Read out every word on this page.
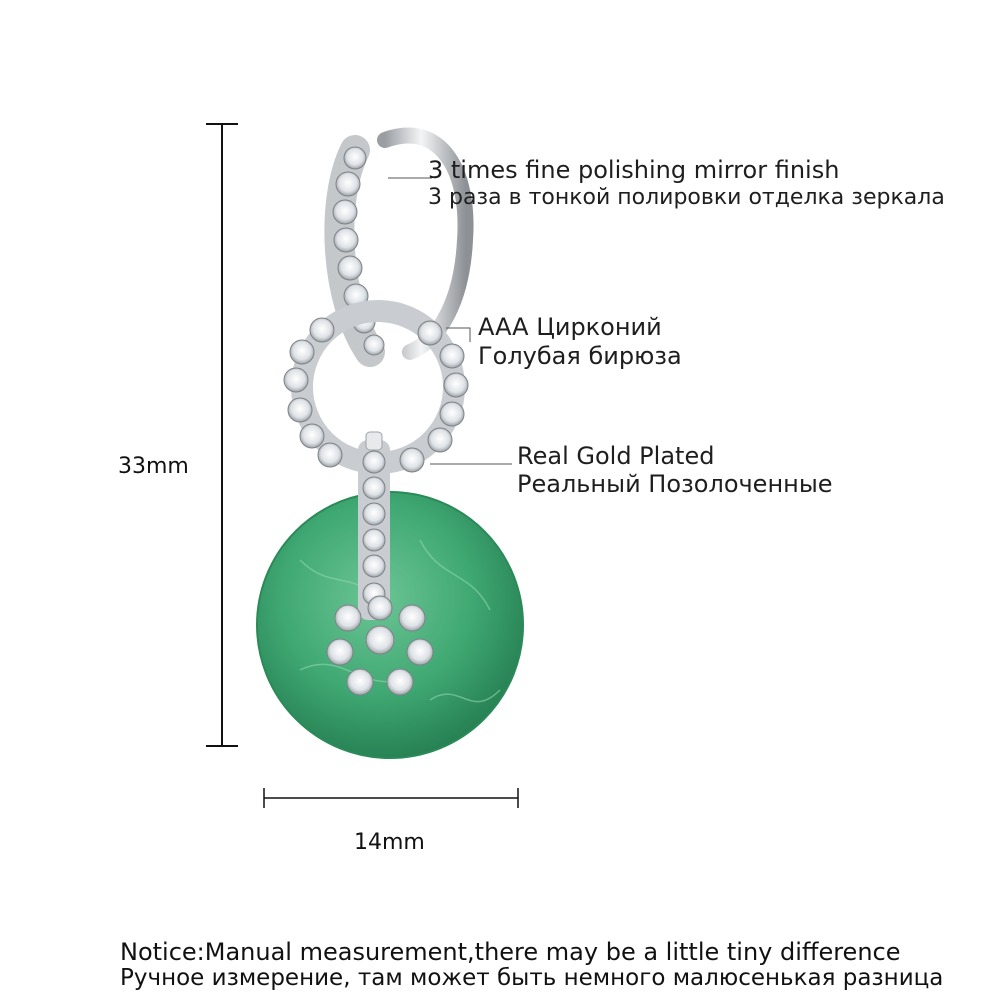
33mm
14mm
3 times fine polishing mirror finish
3 раза в тонкой полировки отделка зеркала
AAA Цирконий
Голубая бирюза
Real Gold Plated
Реальный Позолоченные
Notice:Manual measurement,there may be a little tiny difference
Ручное измерение, там может быть немного малюсенькая разница
